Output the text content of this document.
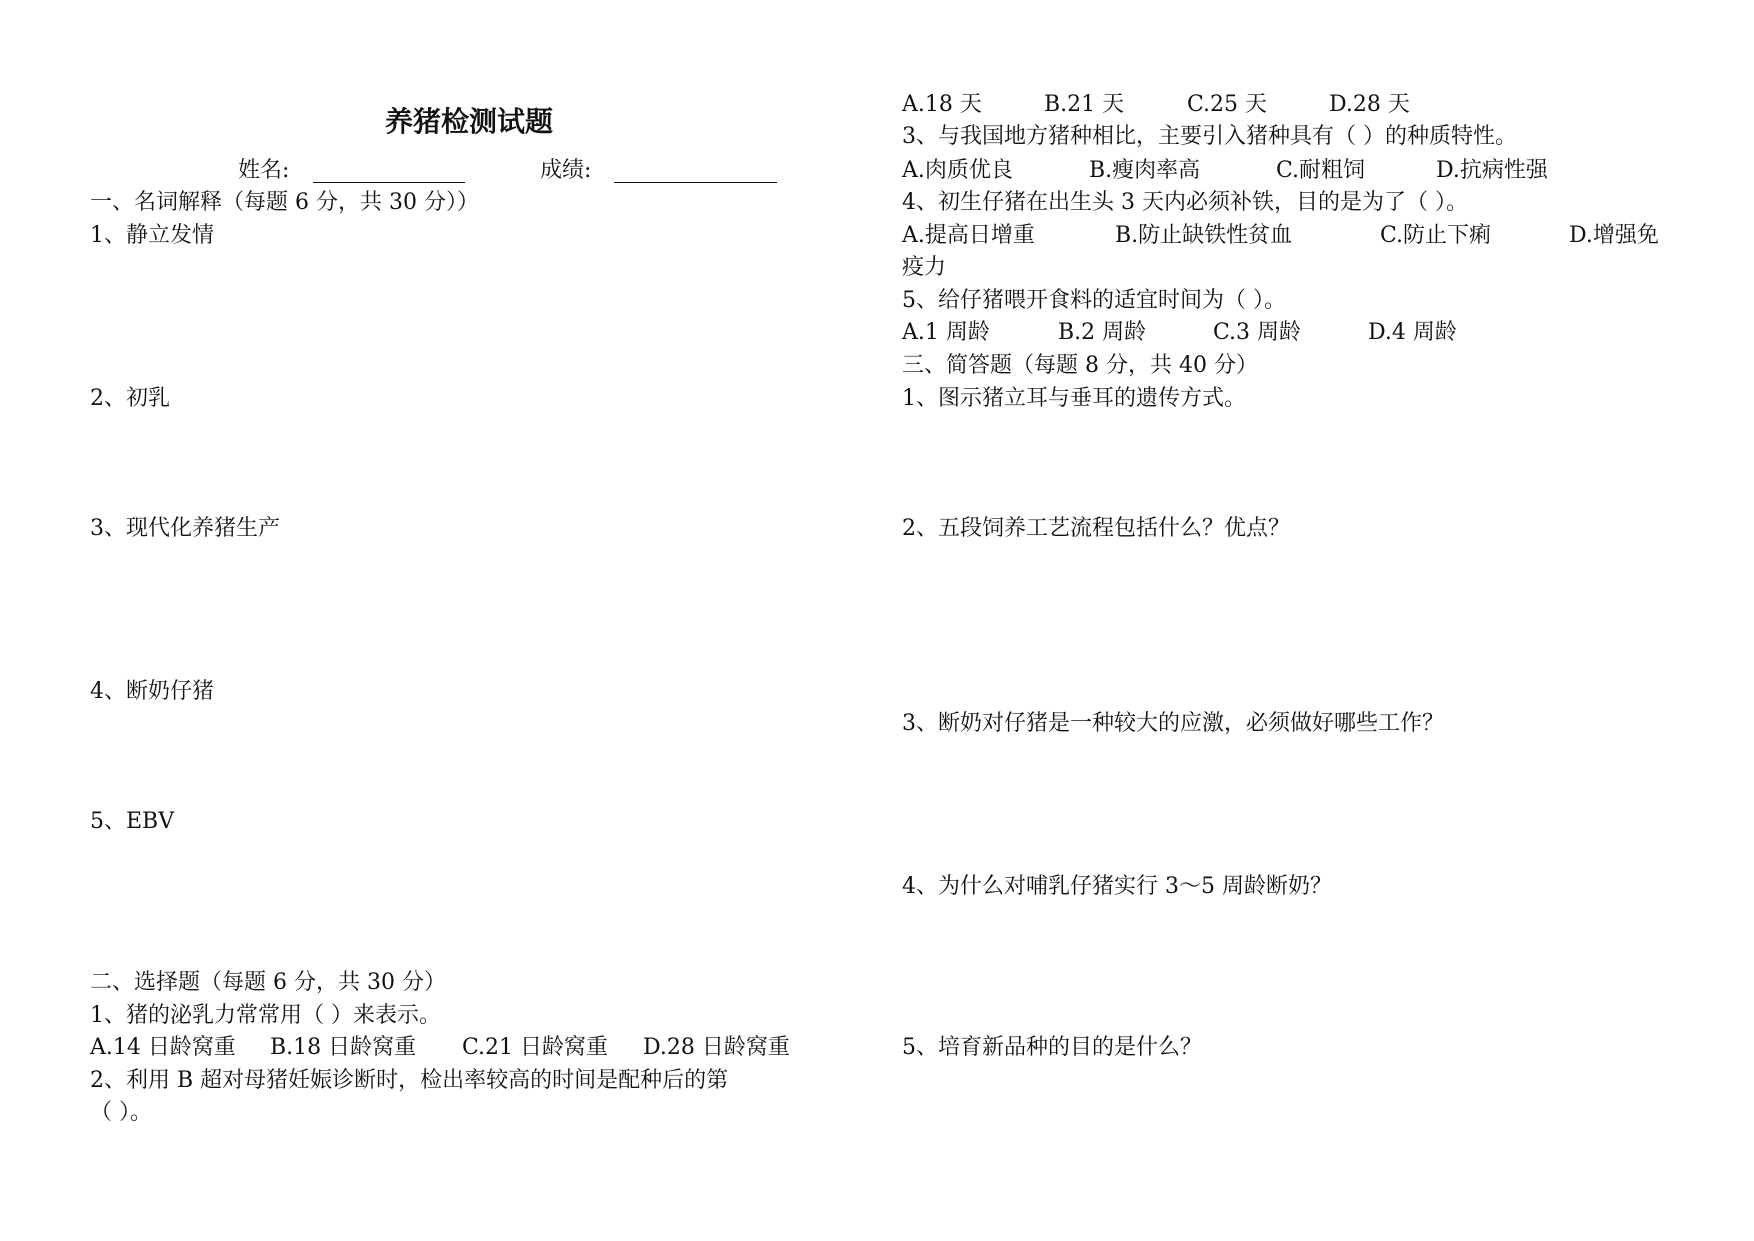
养猪检测试题
姓名:	成绩:
一、名词解释（每题 6 分，共 30 分））
1、静立发情
2、初乳
3、现代化养猪生产
4、断奶仔猪
5、EBV
二、选择题（每题 6 分，共 30 分）
1、猪的泌乳力常常用（ ）来表示。
A.14 日龄窝重 B.18 日龄窝重 C.21 日龄窝重 D.28 日龄窝重
2、利用 B 超对母猪妊娠诊断时，检出率较高的时间是配种后的第
（ ）。
A.18 天	B.21 天	C.25 天	D.28 天
3、与我国地方猪种相比，主要引入猪种具有（ ）的种质特性。
A.肉质优良	B.瘦肉率高	C.耐粗饲	D.抗病性强
4、初生仔猪在出生头 3 天内必须补铁，目的是为了（ ）。
A.提高日增重	B.防止缺铁性贫血	C.防止下痢	D.增强免
疫力
5、给仔猪喂开食料的适宜时间为（ ）。
A.1 周龄	B.2 周龄	C.3 周龄	D.4 周龄
三、简答题（每题 8 分，共 40 分）
1、图示猪立耳与垂耳的遗传方式。
2、五段饲养工艺流程包括什么？优点？
3、断奶对仔猪是一种较大的应激，必须做好哪些工作？
4、为什么对哺乳仔猪实行 3～5 周龄断奶？
5、培育新品种的目的是什么？
